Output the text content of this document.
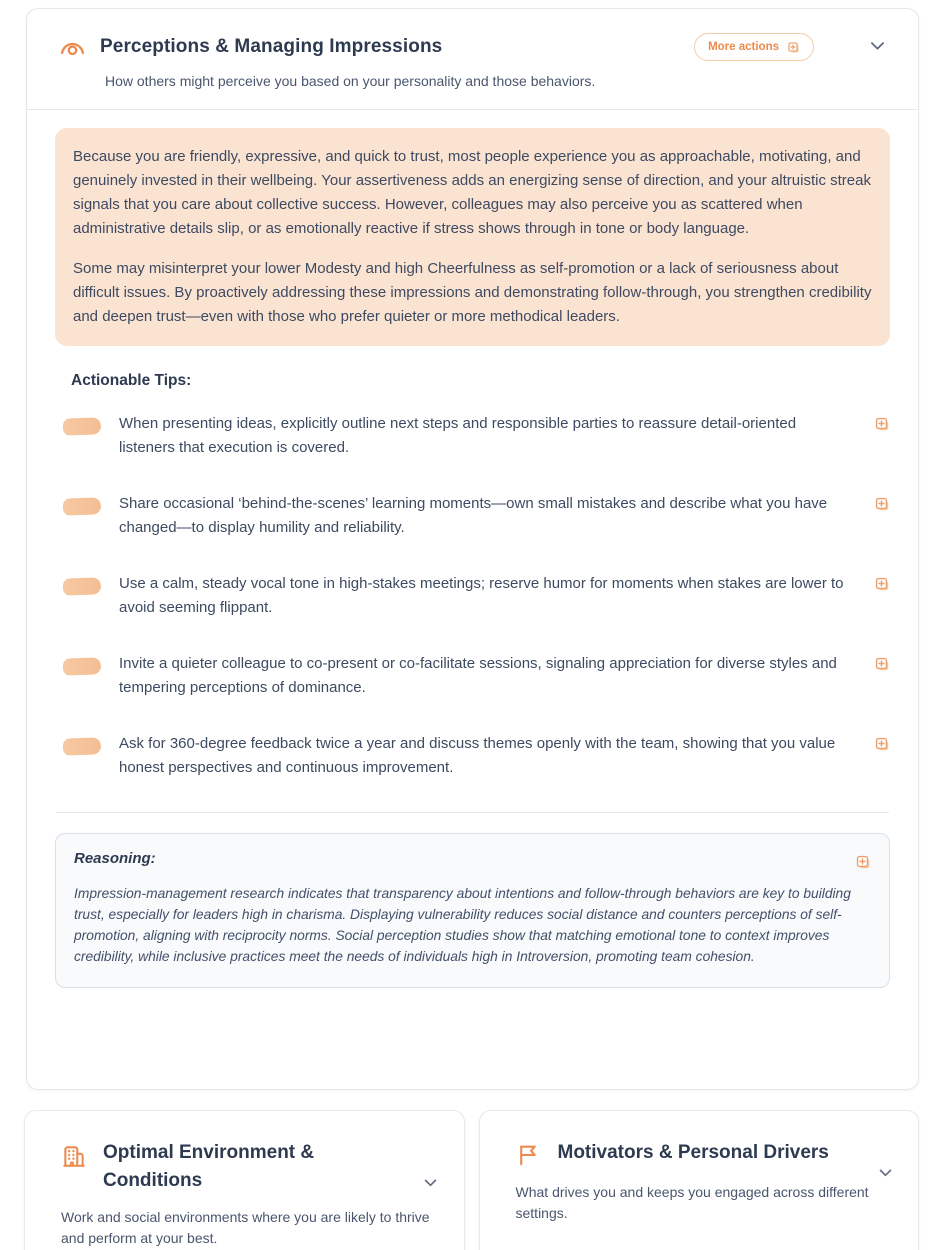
Perceptions & Managing Impressions	More actions

How others might perceive you based on your personality and those behaviors.

Because you are friendly, expressive, and quick to trust, most people experience you as approachable, motivating, and genuinely invested in their wellbeing. Your assertiveness adds an energizing sense of direction, and your altruistic streak signals that you care about collective success. However, colleagues may also perceive you as scattered when administrative details slip, or as emotionally reactive if stress shows through in tone or body language.

Some may misinterpret your lower Modesty and high Cheerfulness as self-promotion or a lack of seriousness about difficult issues. By proactively addressing these impressions and demonstrating follow-through, you strengthen credibility and deepen trust—even with those who prefer quieter or more methodical leaders.

Actionable Tips:

When presenting ideas, explicitly outline next steps and responsible parties to reassure detail-oriented listeners that execution is covered.

Share occasional ‘behind-the-scenes’ learning moments—own small mistakes and describe what you have changed—to display humility and reliability.

Use a calm, steady vocal tone in high-stakes meetings; reserve humor for moments when stakes are lower to avoid seeming flippant.

Invite a quieter colleague to co-present or co-facilitate sessions, signaling appreciation for diverse styles and tempering perceptions of dominance.

Ask for 360-degree feedback twice a year and discuss themes openly with the team, showing that you value honest perspectives and continuous improvement.

Reasoning:

Impression-management research indicates that transparency about intentions and follow-through behaviors are key to building trust, especially for leaders high in charisma. Displaying vulnerability reduces social distance and counters perceptions of self-promotion, aligning with reciprocity norms. Social perception studies show that matching emotional tone to context improves credibility, while inclusive practices meet the needs of individuals high in Introversion, promoting team cohesion.

Optimal Environment & Conditions

Work and social environments where you are likely to thrive and perform at your best.

Motivators & Personal Drivers

What drives you and keeps you engaged across different settings.
